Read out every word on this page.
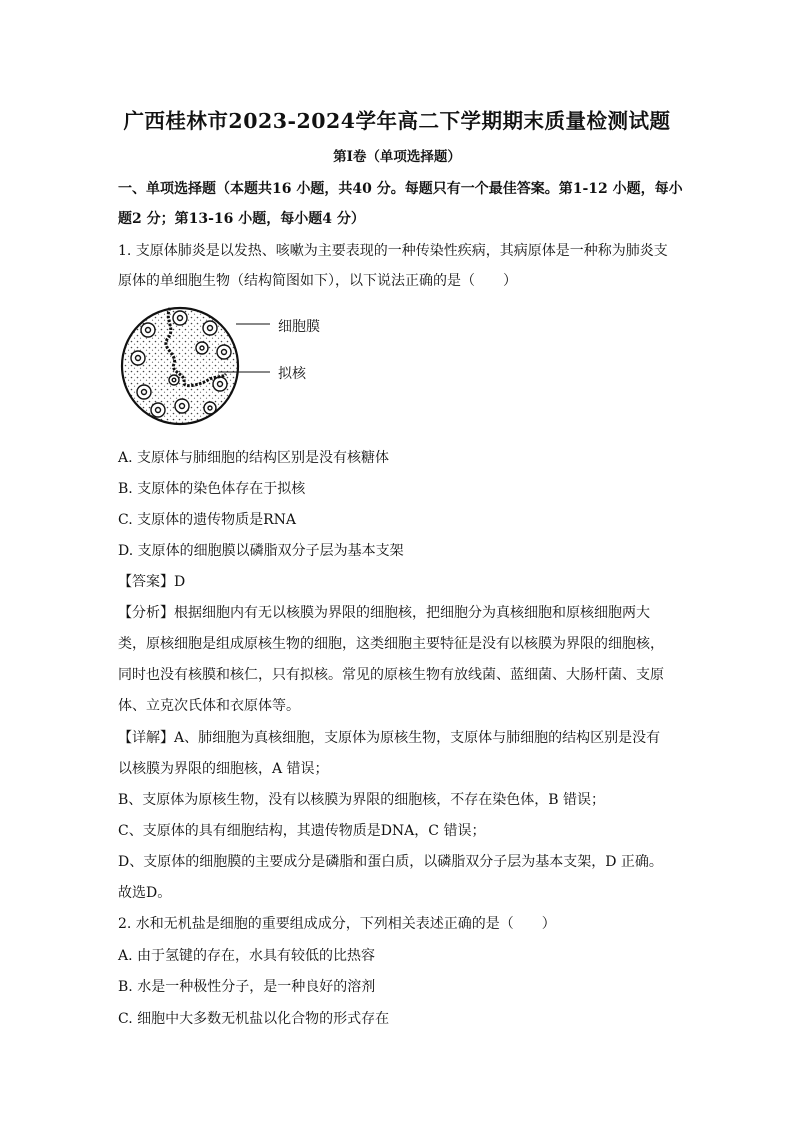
广西桂林市2023-2024学年高二下学期期末质量检测试题
第Ⅰ卷（单项选择题）
一、单项选择题（本题共16 小题，共40 分。每题只有一个最佳答案。第1-12 小题，每小
题2 分；第13-16 小题，每小题4 分）
1. 支原体肺炎是以发热、咳嗽为主要表现的一种传染性疾病，其病原体是一种称为肺炎支
原体的单细胞生物（结构简图如下），以下说法正确的是（　　）
细胞膜
拟核
A. 支原体与肺细胞的结构区别是没有核糖体
B. 支原体的染色体存在于拟核
C. 支原体的遗传物质是RNA
D. 支原体的细胞膜以磷脂双分子层为基本支架
【答案】D
【分析】根据细胞内有无以核膜为界限的细胞核，把细胞分为真核细胞和原核细胞两大
类，原核细胞是组成原核生物的细胞，这类细胞主要特征是没有以核膜为界限的细胞核，
同时也没有核膜和核仁，只有拟核。常见的原核生物有放线菌、蓝细菌、大肠杆菌、支原
体、立克次氏体和衣原体等。
【详解】A、肺细胞为真核细胞，支原体为原核生物，支原体与肺细胞的结构区别是没有
以核膜为界限的细胞核，A 错误；
B、支原体为原核生物，没有以核膜为界限的细胞核，不存在染色体，B 错误；
C、支原体的具有细胞结构，其遗传物质是DNA，C 错误；
D、支原体的细胞膜的主要成分是磷脂和蛋白质，以磷脂双分子层为基本支架，D 正确。
故选D。
2. 水和无机盐是细胞的重要组成成分，下列相关表述正确的是（　　）
A. 由于氢键的存在，水具有较低的比热容
B. 水是一种极性分子，是一种良好的溶剂
C. 细胞中大多数无机盐以化合物的形式存在
